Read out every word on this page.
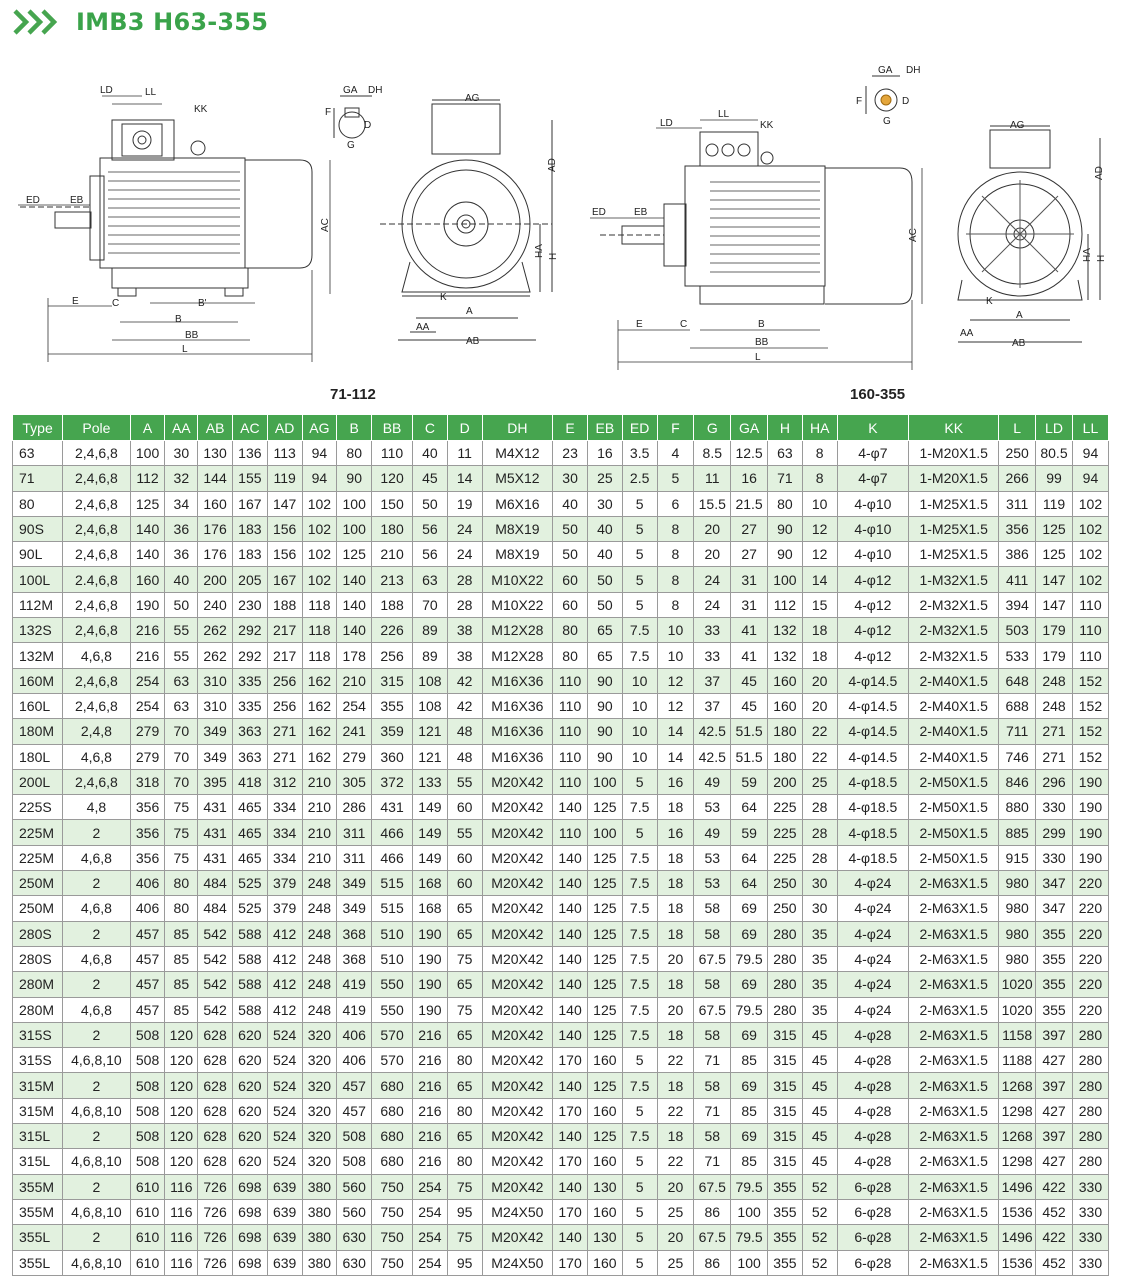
IMB3 H63-355
LD	LL
KK
ED	EB
E	C	B'
B
BB
L
AC
AG
AD
HA H
K
A
AA
AB
GA DH
F
G
D	LD
LL
KK
ED	EB
E	C	B
BB
L
AC
AG
AD
HA H
K
A
AA
AB
GA DH
F
G
D
71-112	160-355
Type	Pole	A	AA	AB	AC	AD	AG	B	BB	C	D	DH	E	EB	ED	F	G	GA	H	HA	K	KK	L	LD	LL
63	2,4,6,8	100	30	130	136	113	94	80	110	40	11	M4X12	23	16	3.5	4	8.5	12.5	63	8	4-φ7	1-M20X1.5	250	80.5	94
71	2,4,6,8	112	32	144	155	119	94	90	120	45	14	M5X12	30	25	2.5	5	11	16	71	8	4-φ7	1-M20X1.5	266	99	94
80	2,4,6,8	125	34	160	167	147	102	100	150	50	19	M6X16	40	30	5	6	15.5	21.5	80	10	4-φ10	1-M25X1.5	311	119	102
90S	2,4,6,8	140	36	176	183	156	102	100	180	56	24	M8X19	50	40	5	8	20	27	90	12	4-φ10	1-M25X1.5	356	125	102
90L	2,4,6,8	140	36	176	183	156	102	125	210	56	24	M8X19	50	40	5	8	20	27	90	12	4-φ10	1-M25X1.5	386	125	102
100L	2.4,6,8	160	40	200	205	167	102	140	213	63	28	M10X22	60	50	5	8	24	31	100	14	4-φ12	1-M32X1.5	411	147	102
112M	2,4,6,8	190	50	240	230	188	118	140	188	70	28	M10X22	60	50	5	8	24	31	112	15	4-φ12	2-M32X1.5	394	147	110
132S	2,4,6,8	216	55	262	292	217	118	140	226	89	38	M12X28	80	65	7.5	10	33	41	132	18	4-φ12	2-M32X1.5	503	179	110
132M	4,6,8	216	55	262	292	217	118	178	256	89	38	M12X28	80	65	7.5	10	33	41	132	18	4-φ12	2-M32X1.5	533	179	110
160M	2,4,6,8	254	63	310	335	256	162	210	315	108	42	M16X36	110	90	10	12	37	45	160	20	4-φ14.5	2-M40X1.5	648	248	152
160L	2,4,6,8	254	63	310	335	256	162	254	355	108	42	M16X36	110	90	10	12	37	45	160	20	4-φ14.5	2-M40X1.5	688	248	152
180M	2,4,8	279	70	349	363	271	162	241	359	121	48	M16X36	110	90	10	14	42.5	51.5	180	22	4-φ14.5	2-M40X1.5	711	271	152
180L	4,6,8	279	70	349	363	271	162	279	360	121	48	M16X36	110	90	10	14	42.5	51.5	180	22	4-φ14.5	2-M40X1.5	746	271	152
200L	2,4,6,8	318	70	395	418	312	210	305	372	133	55	M20X42	110	100	5	16	49	59	200	25	4-φ18.5	2-M50X1.5	846	296	190
225S	4,8	356	75	431	465	334	210	286	431	149	60	M20X42	140	125	7.5	18	53	64	225	28	4-φ18.5	2-M50X1.5	880	330	190
225M	2	356	75	431	465	334	210	311	466	149	55	M20X42	110	100	5	16	49	59	225	28	4-φ18.5	2-M50X1.5	885	299	190
225M	4,6,8	356	75	431	465	334	210	311	466	149	60	M20X42	140	125	7.5	18	53	64	225	28	4-φ18.5	2-M50X1.5	915	330	190
250M	2	406	80	484	525	379	248	349	515	168	60	M20X42	140	125	7.5	18	53	64	250	30	4-φ24	2-M63X1.5	980	347	220
250M	4,6,8	406	80	484	525	379	248	349	515	168	65	M20X42	140	125	7.5	18	58	69	250	30	4-φ24	2-M63X1.5	980	347	220
280S	2	457	85	542	588	412	248	368	510	190	65	M20X42	140	125	7.5	18	58	69	280	35	4-φ24	2-M63X1.5	980	355	220
280S	4,6,8	457	85	542	588	412	248	368	510	190	75	M20X42	140	125	7.5	20	67.5	79.5	280	35	4-φ24	2-M63X1.5	980	355	220
280M	2	457	85	542	588	412	248	419	550	190	65	M20X42	140	125	7.5	18	58	69	280	35	4-φ24	2-M63X1.5	1020	355	220
280M	4,6,8	457	85	542	588	412	248	419	550	190	75	M20X42	140	125	7.5	20	67.5	79.5	280	35	4-φ24	2-M63X1.5	1020	355	220
315S	2	508	120	628	620	524	320	406	570	216	65	M20X42	140	125	7.5	18	58	69	315	45	4-φ28	2-M63X1.5	1158	397	280
315S	4,6,8,10	508	120	628	620	524	320	406	570	216	80	M20X42	170	160	5	22	71	85	315	45	4-φ28	2-M63X1.5	1188	427	280
315M	2	508	120	628	620	524	320	457	680	216	65	M20X42	140	125	7.5	18	58	69	315	45	4-φ28	2-M63X1.5	1268	397	280
315M	4,6,8,10	508	120	628	620	524	320	457	680	216	80	M20X42	170	160	5	22	71	85	315	45	4-φ28	2-M63X1.5	1298	427	280
315L	2	508	120	628	620	524	320	508	680	216	65	M20X42	140	125	7.5	18	58	69	315	45	4-φ28	2-M63X1.5	1268	397	280
315L	4,6,8,10	508	120	628	620	524	320	508	680	216	80	M20X42	170	160	5	22	71	85	315	45	4-φ28	2-M63X1.5	1298	427	280
355M	2	610	116	726	698	639	380	560	750	254	75	M20X42	140	130	5	20	67.5	79.5	355	52	6-φ28	2-M63X1.5	1496	422	330
355M	4,6,8,10	610	116	726	698	639	380	560	750	254	95	M24X50	170	160	5	25	86	100	355	52	6-φ28	2-M63X1.5	1536	452	330
355L	2	610	116	726	698	639	380	630	750	254	75	M20X42	140	130	5	20	67.5	79.5	355	52	6-φ28	2-M63X1.5	1496	422	330
355L	4,6,8,10	610	116	726	698	639	380	630	750	254	95	M24X50	170	160	5	25	86	100	355	52	6-φ28	2-M63X1.5	1536	452	330
